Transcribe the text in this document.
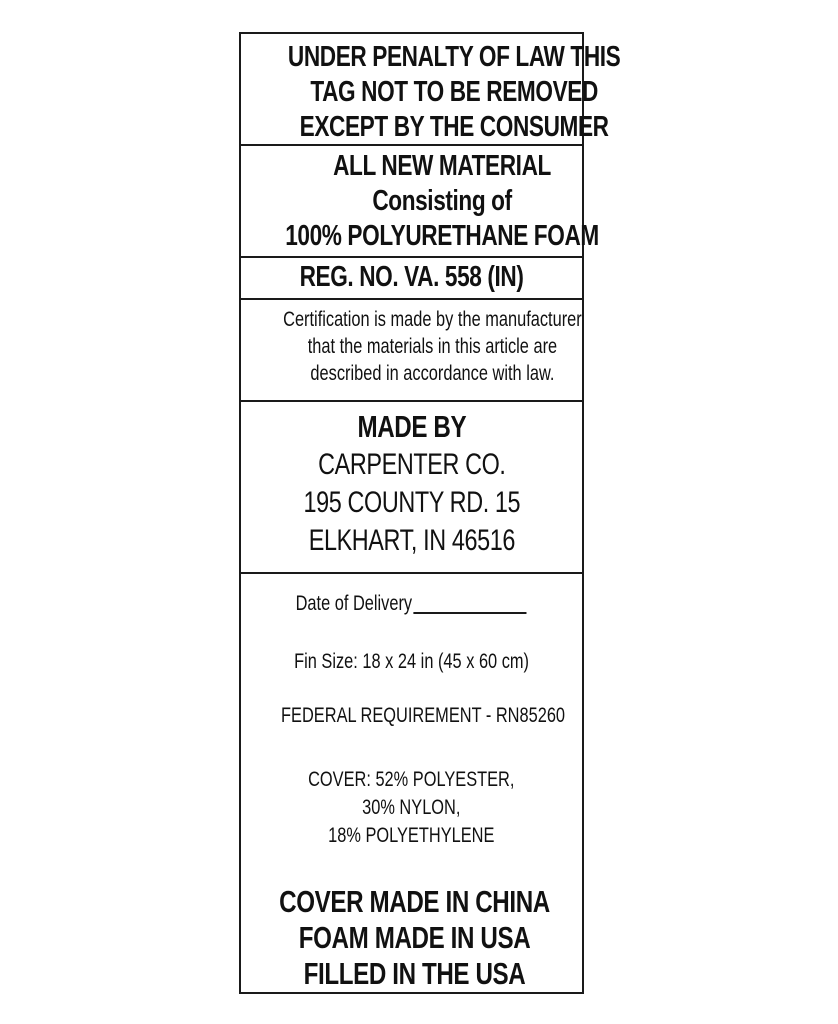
UNDER PENALTY OF LAW THIS
TAG NOT TO BE REMOVED
EXCEPT BY THE CONSUMER
ALL NEW MATERIAL
Consisting of
100% POLYURETHANE FOAM
REG. NO. VA. 558 (IN)
Certification is made by the manufacturer
that the materials in this article are
described in accordance with law.
MADE BY
CARPENTER CO.
195 COUNTY RD. 15
ELKHART, IN 46516
Date of Delivery
Fin Size: 18 x 24 in (45 x 60 cm)
FEDERAL REQUIREMENT - RN85260
COVER: 52% POLYESTER,
30% NYLON,
18% POLYETHYLENE
COVER MADE IN CHINA
FOAM MADE IN USA
FILLED IN THE USA
